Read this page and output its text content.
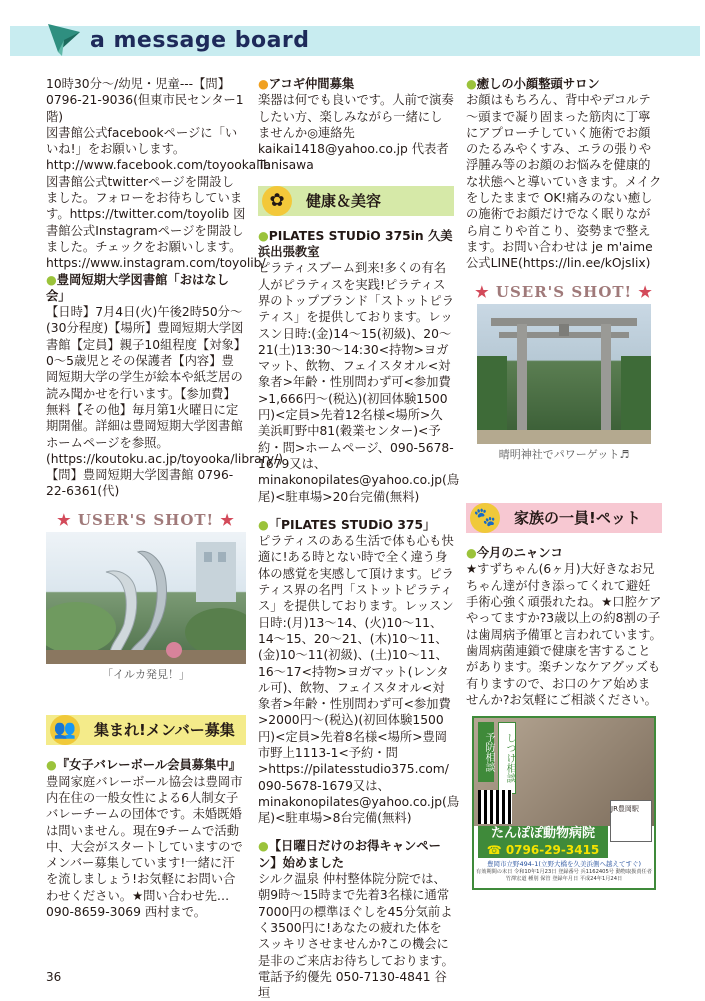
a message board

10時30分～/幼児・児童---【問】0796-21-9036(但東市民センター1階)

図書館公式facebookページに「いいね!」をお願いします。http://www.facebook.com/toyookalib 図書館公式twitterページを開設しました。フォローをお待ちしています。https://twitter.com/toyolib 図書館公式Instagramページを開設しました。チェックをお願いします。https://www.instagram.com/toyolib/

●豊岡短期大学図書館「おはなし会」

【日時】7月4日(火)午後2時50分～(30分程度)【場所】豊岡短期大学図書館【定員】親子10組程度【対象】0～5歳児とその保護者【内容】豊岡短期大学の学生が絵本や紙芝居の読み聞かせを行います。【参加費】無料【その他】毎月第1火曜日に定期開催。詳細は豊岡短期大学図書館ホームページを参照。(https://koutoku.ac.jp/toyooka/library/)【問】豊岡短期大学図書館 0796-22-6361(代)

★ USER'S SHOT! ★
「イルカ発見！」
👥 集まれ!メンバー募集

●『女子バレーボール会員募集中』

豊岡家庭バレーボール協会は豊岡市内在住の一般女性による6人制女子バレーチームの団体です。未婚既婚は問いません。現在9チームで活動中、大会がスタートしていますのでメンバー募集しています!一緒に汗を流しましょう!お気軽にお問い合わせください。★問い合わせ先…090-8659-3069 西村まで。

●アコギ仲間募集

楽器は何でも良いです。人前で演奏したい方、楽しみながら一緒にしませんか◎連絡先 kaikai1418@yahoo.co.jp 代表者 Tanisawa

✿	健康＆美容

●PILATES STUDiO 375in 久美浜出張教室

ピラティスブーム到来!多くの有名人がピラティスを実践!ピラティス界のトップブランド「ストットピラティス」を提供しております。レッスン日時:(金)14～15(初級)、20～21(土)13:30～14:30<持物>ヨガマット、飲物、フェイスタオル<対象者>年齢・性別問わず可<参加費>1,666円～(税込)(初回体験1500円)<定員>先着12名様<場所>久美浜町野中81(穀業センター)<予約・問>ホームページ、090-5678-1679又は、minakonopilates@yahoo.co.jp(鳥尾)<駐車場>20台完備(無料)

●「PILATES STUDiO 375」

ピラティスのある生活で体も心も快適に!ある時とない時で全く違う身体の感覚を実感して頂けます。ピラティス界の名門「ストットピラティス」を提供しております。レッスン日時:(月)13～14、(火)10～11、14～15、20～21、(木)10～11、(金)10～11(初級)、(土)10～11、16～17<持物>ヨガマット(レンタル可)、飲物、フェイスタオル<対象者>年齢・性別問わず可<参加費>2000円～(税込)(初回体験1500円)<定員>先着8名様<場所>豊岡市野上1113-1<予約・問>https://pilatesstudio375.com/ 090-5678-1679又は、minakonopilates@yahoo.co.jp(鳥尾)<駐車場>8台完備(無料)

●【日曜日だけのお得キャンペーン】始めました

シルク温泉 仲村整体院分院では、朝9時～15時まで先着3名様に通常7000円の標準ほぐしを45分気前よく3500円に!あなたの疲れた体をスッキリさせませんか?この機会に是非のご来店お待ちしております。電話予約優先 050-7130-4841 谷垣

●癒しの小顔整頭サロン

お顔はもちろん、背中やデコルテ～頭まで凝り固まった筋肉に丁寧にアプローチしていく施術でお顔のたるみやくすみ、エラの張りや浮腫み等のお顔のお悩みを健康的な状態へと導いていきます。メイクをしたままで OK!痛みのない癒しの施術でお顔だけでなく眠りながら肩こりや首こり、姿勢まで整えます。お問い合わせは je m'aime 公式LINE(https://lin.ee/kOjsIix)

★ USER'S SHOT! ★
晴明神社でパワーゲット♬
🐾 家族の一員!ペット

●今月のニャンコ

★すずちゃん(6ヶ月)大好きなお兄ちゃん達が付き添ってくれて避妊手術心強く頑張れたね。★口腔ケアやってますか?3歳以上の約8割の子は歯周病予備軍と言われています。歯周病菌連鎖で健康を害することがあります。楽チンなケアグッズも有りますので、お口のケア始めませんか?お気軽にご相談ください。

予防相談	しつけ相談
JR豊岡駅
たんぽぽ動物病院
☎ 0796-29-3415
豊岡市立野494-1(立野大橋を久美浜側へ越えてすぐ)
有効期間の末日 令和10年1月23日 登録番号 兵1162405号 動物取扱責任者 竹澤宏道 種別 保管 登録年月日 平成24年1月24日
36
